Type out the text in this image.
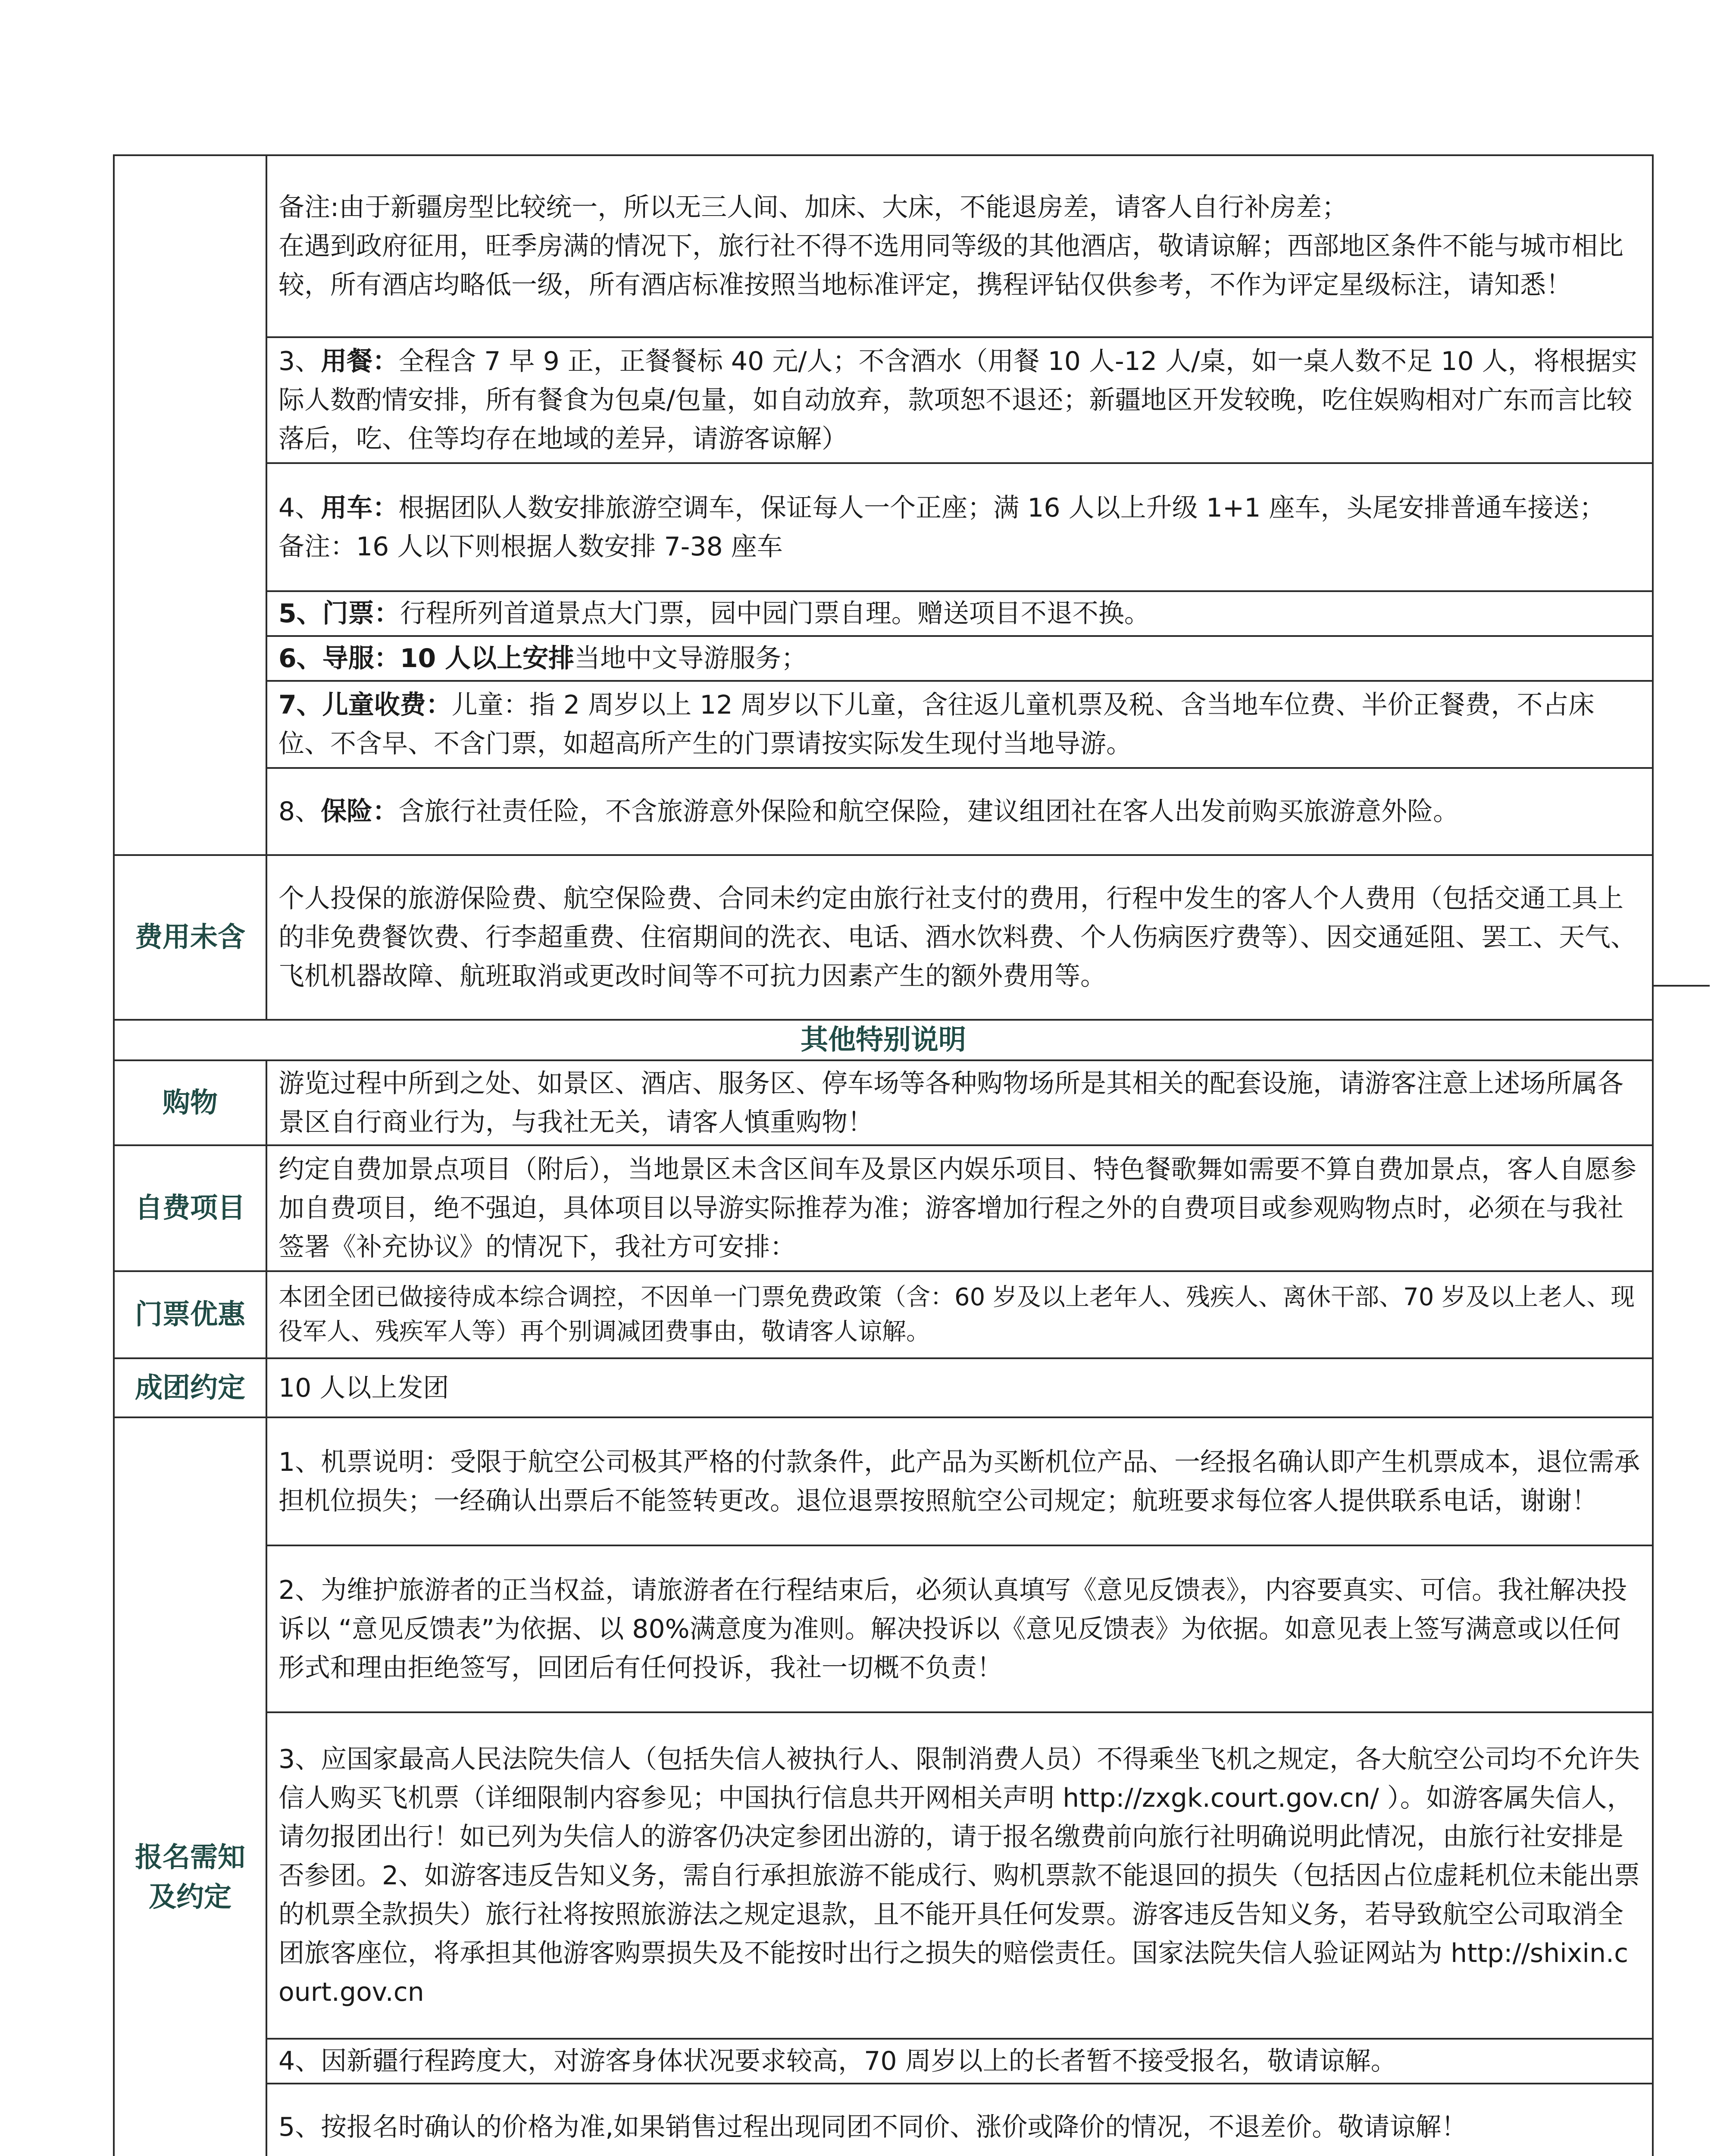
	备注:由于新疆房型比较统一，所以无三人间、加床、大床，不能退房差，请客人自行补房差；
在遇到政府征用，旺季房满的情况下，旅行社不得不选用同等级的其他酒店，敬请谅解；西部地区条件不能与城市相比较，所有酒店均略低一级，所有酒店标准按照当地标准评定，携程评钻仅供参考，不作为评定星级标注，请知悉！

	3、用餐：全程含 7 早 9 正，正餐餐标 40 元/人；不含酒水（用餐 10 人-12 人/桌，如一桌人数不足 10 人，将根据实际人数酌情安排，所有餐食为包桌/包量，如自动放弃，款项恕不退还；新疆地区开发较晚，吃住娱购相对广东而言比较落后，吃、住等均存在地域的差异，请游客谅解）
	4、用车：根据团队人数安排旅游空调车，保证每人一个正座；满 16 人以上升级 1+1 座车，头尾安排普通车接送；
备注：16 人以下则根据人数安排 7-38 座车

	5、门票：行程所列首道景点大门票，园中园门票自理。赠送项目不退不换。
	6、导服：10 人以上安排当地中文导游服务；
	7、儿童收费：儿童：指 2 周岁以上 12 周岁以下儿童，含往返儿童机票及税、含当地车位费、半价正餐费，不占床位、不含早、不含门票，如超高所产生的门票请按实际发生现付当地导游。
	8、保险：含旅行社责任险，不含旅游意外保险和航空保险，建议组团社在客人出发前购买旅游意外险。
费用未含	个人投保的旅游保险费、航空保险费、合同未约定由旅行社支付的费用，行程中发生的客人个人费用（包括交通工具上的非免费餐饮费、行李超重费、住宿期间的洗衣、电话、酒水饮料费、个人伤病医疗费等）、因交通延阻、罢工、天气、飞机机器故障、航班取消或更改时间等不可抗力因素产生的额外费用等。
其他特别说明	
购物	游览过程中所到之处、如景区、酒店、服务区、停车场等各种购物场所是其相关的配套设施，请游客注意上述场所属各景区自行商业行为，与我社无关，请客人慎重购物！
自费项目	约定自费加景点项目（附后），当地景区未含区间车及景区内娱乐项目、特色餐歌舞如需要不算自费加景点，客人自愿参加自费项目，绝不强迫，具体项目以导游实际推荐为准；游客增加行程之外的自费项目或参观购物点时，必须在与我社签署《补充协议》的情况下，我社方可安排：
门票优惠	本团全团已做接待成本综合调控，不因单一门票免费政策（含：60 岁及以上老年人、残疾人、离休干部、70 岁及以上老人、现役军人、残疾军人等）再个别调减团费事由，敬请客人谅解。
成团约定	10 人以上发团

报名需知
及约定	1、机票说明：受限于航空公司极其严格的付款条件，此产品为买断机位产品、一经报名确认即产生机票成本，退位需承担机位损失；一经确认出票后不能签转更改。退位退票按照航空公司规定；航班要求每位客人提供联系电话，谢谢！
	2、为维护旅游者的正当权益，请旅游者在行程结束后，必须认真填写《意见反馈表》，内容要真实、可信。我社解决投诉以 “意见反馈表”为依据、以 80%满意度为准则。解决投诉以《意见反馈表》为依据。如意见表上签写满意或以任何形式和理由拒绝签写，回团后有任何投诉，我社一切概不负责！
	3、应国家最高人民法院失信人（包括失信人被执行人、限制消费人员）不得乘坐飞机之规定，各大航空公司均不允许失信人购买飞机票（详细限制内容参见；中国执行信息共开网相关声明 http://zxgk.court.gov.cn/ ）。如游客属失信人，请勿报团出行！如已列为失信人的游客仍决定参团出游的，请于报名缴费前向旅行社明确说明此情况，由旅行社安排是否参团。2、如游客违反告知义务，需自行承担旅游不能成行、购机票款不能退回的损失（包括因占位虚耗机位未能出票的机票全款损失）旅行社将按照旅游法之规定退款，且不能开具任何发票。游客违反告知义务，若导致航空公司取消全团旅客座位，将承担其他游客购票损失及不能按时出行之损失的赔偿责任。国家法院失信人验证网站为 http://shixin.court.gov.cn
	4、因新疆行程跨度大，对游客身体状况要求较高，70 周岁以上的长者暂不接受报名，敬请谅解。
	5、按报名时确认的价格为准,如果销售过程出现同团不同价、涨价或降价的情况，不退差价。敬请谅解！
